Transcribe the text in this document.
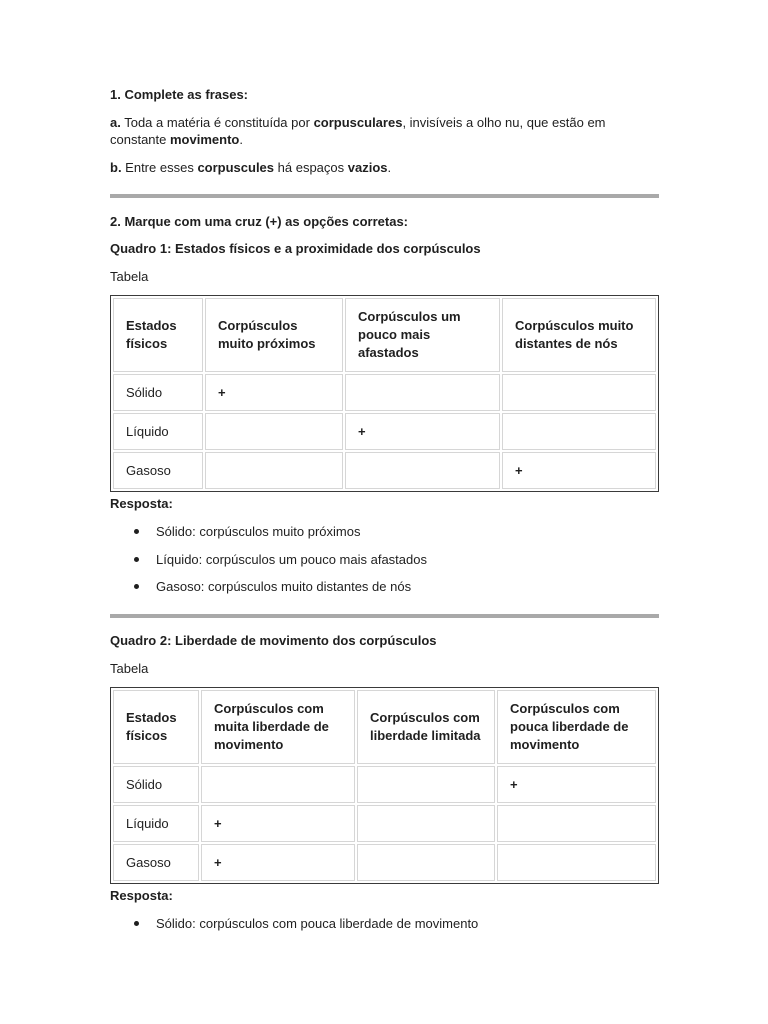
1. Complete as frases:
a. Toda a matéria é constituída por corpusculares, invisíveis a olho nu, que estão em
constante movimento.
b. Entre esses corpuscules há espaços vazios.
2. Marque com uma cruz (+) as opções corretas:
Quadro 1: Estados físicos e a proximidade dos corpúsculos
Tabela
Estados físicos	Corpúsculos muito próximos	Corpúsculos um pouco mais afastados	Corpúsculos muito distantes de nós
Sólido	+		
Líquido		+	
Gasoso			+
Resposta:
Sólido: corpúsculos muito próximos
Líquido: corpúsculos um pouco mais afastados
Gasoso: corpúsculos muito distantes de nós
Quadro 2: Liberdade de movimento dos corpúsculos
Tabela
Estados físicos	Corpúsculos com muita liberdade de movimento	Corpúsculos com liberdade limitada	Corpúsculos com pouca liberdade de movimento
Sólido			+
Líquido	+		
Gasoso	+		
Resposta:
Sólido: corpúsculos com pouca liberdade de movimento
